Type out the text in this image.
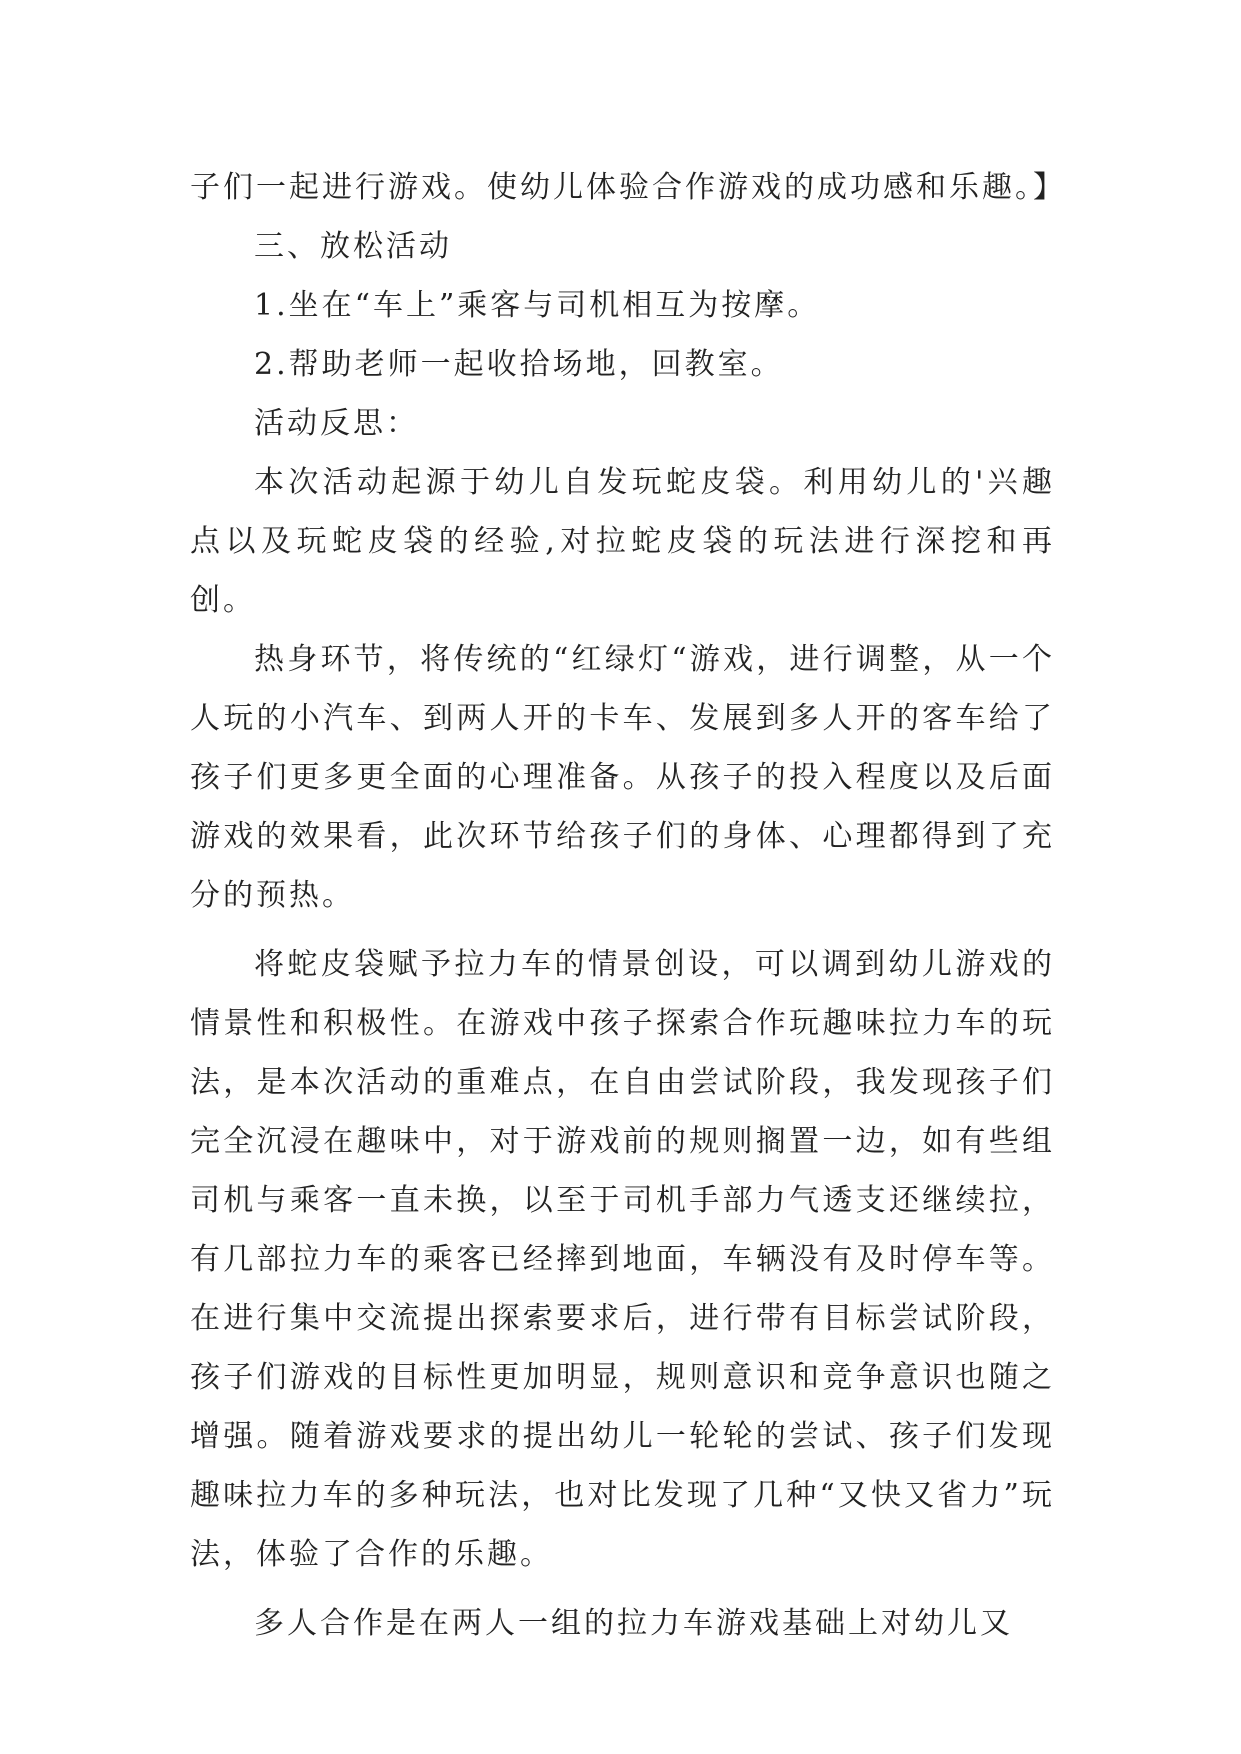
子们一起进行游戏。使幼儿体验合作游戏的成功感和乐趣。】

三、放松活动

1.坐在“车上”乘客与司机相互为按摩。

2.帮助老师一起收拾场地，回教室。

活动反思：

本次活动起源于幼儿自发玩蛇皮袋。利用幼儿的'兴趣点以及玩蛇皮袋的经验,对拉蛇皮袋的玩法进行深挖和再创。

热身环节，将传统的“红绿灯“游戏，进行调整，从一个人玩的小汽车、到两人开的卡车、发展到多人开的客车给了孩子们更多更全面的心理准备。从孩子的投入程度以及后面游戏的效果看，此次环节给孩子们的身体、心理都得到了充分的预热。

将蛇皮袋赋予拉力车的情景创设，可以调到幼儿游戏的情景性和积极性。在游戏中孩子探索合作玩趣味拉力车的玩法，是本次活动的重难点，在自由尝试阶段，我发现孩子们完全沉浸在趣味中，对于游戏前的规则搁置一边，如有些组司机与乘客一直未换，以至于司机手部力气透支还继续拉，有几部拉力车的乘客已经摔到地面，车辆没有及时停车等。在进行集中交流提出探索要求后，进行带有目标尝试阶段，孩子们游戏的目标性更加明显，规则意识和竞争意识也随之增强。随着游戏要求的提出幼儿一轮轮的尝试、孩子们发现趣味拉力车的多种玩法，也对比发现了几种“又快又省力”玩法，体验了合作的乐趣。

多人合作是在两人一组的拉力车游戏基础上对幼儿又
